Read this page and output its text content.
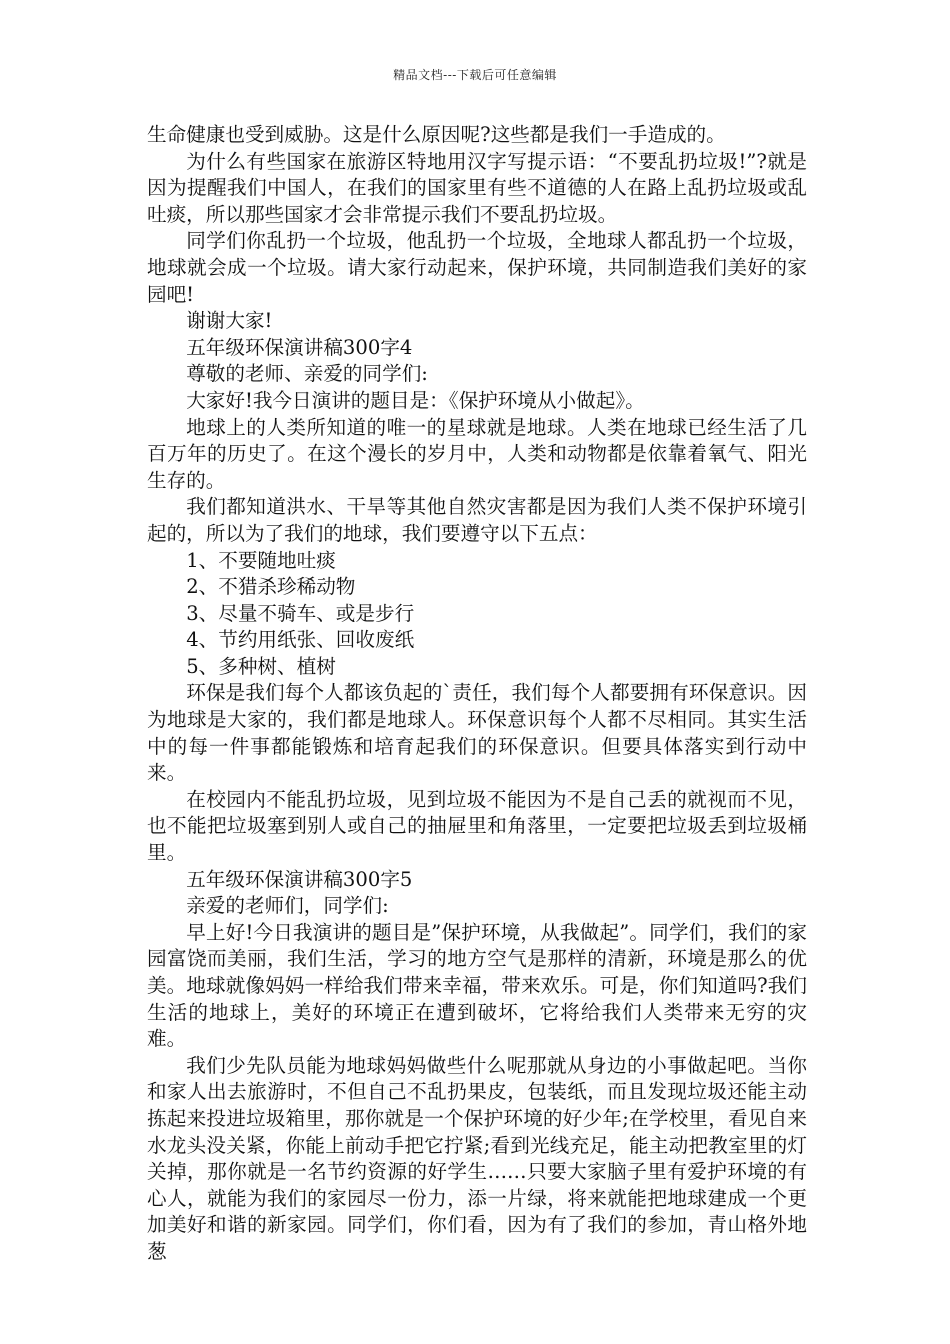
精品文档---下载后可任意编辑

生命健康也受到威胁。这是什么原因呢?这些都是我们一手造成的。

为什么有些国家在旅游区特地用汉字写提示语：“不要乱扔垃圾!”?就是因为提醒我们中国人，在我们的国家里有些不道德的人在路上乱扔垃圾或乱吐痰，所以那些国家才会非常提示我们不要乱扔垃圾。

同学们你乱扔一个垃圾，他乱扔一个垃圾，全地球人都乱扔一个垃圾，地球就会成一个垃圾。请大家行动起来，保护环境，共同制造我们美好的家园吧!

谢谢大家!

五年级环保演讲稿300字4

尊敬的老师、亲爱的同学们:

大家好!我今日演讲的题目是：《保护环境从小做起》。

地球上的人类所知道的唯一的星球就是地球。人类在地球已经生活了几百万年的历史了。在这个漫长的岁月中，人类和动物都是依靠着氧气、阳光生存的。

我们都知道洪水、干旱等其他自然灾害都是因为我们人类不保护环境引起的，所以为了我们的地球，我们要遵守以下五点：

1、不要随地吐痰

2、不猎杀珍稀动物

3、尽量不骑车、或是步行

4、节约用纸张、回收废纸

5、多种树、植树

环保是我们每个人都该负起的`责任，我们每个人都要拥有环保意识。因为地球是大家的，我们都是地球人。环保意识每个人都不尽相同。其实生活中的每一件事都能锻炼和培育起我们的环保意识。但要具体落实到行动中来。

在校园内不能乱扔垃圾，见到垃圾不能因为不是自己丢的就视而不见，也不能把垃圾塞到别人或自己的抽屉里和角落里，一定要把垃圾丢到垃圾桶里。

五年级环保演讲稿300字5

亲爱的老师们，同学们:

早上好!今日我演讲的题目是”保护环境，从我做起”。同学们，我们的家园富饶而美丽，我们生活，学习的地方空气是那样的清新，环境是那么的优美。地球就像妈妈一样给我们带来幸福，带来欢乐。可是，你们知道吗?我们生活的地球上，美好的环境正在遭到破坏，它将给我们人类带来无穷的灾难。

我们少先队员能为地球妈妈做些什么呢那就从身边的小事做起吧。当你和家人出去旅游时，不但自己不乱扔果皮，包装纸，而且发现垃圾还能主动拣起来投进垃圾箱里，那你就是一个保护环境的好少年;在学校里，看见自来水龙头没关紧，你能上前动手把它拧紧;看到光线充足，能主动把教室里的灯关掉，那你就是一名节约资源的好学生……只要大家脑子里有爱护环境的有心人，就能为我们的家园尽一份力，添一片绿，将来就能把地球建成一个更加美好和谐的新家园。同学们，你们看，因为有了我们的参加，青山格外地葱
